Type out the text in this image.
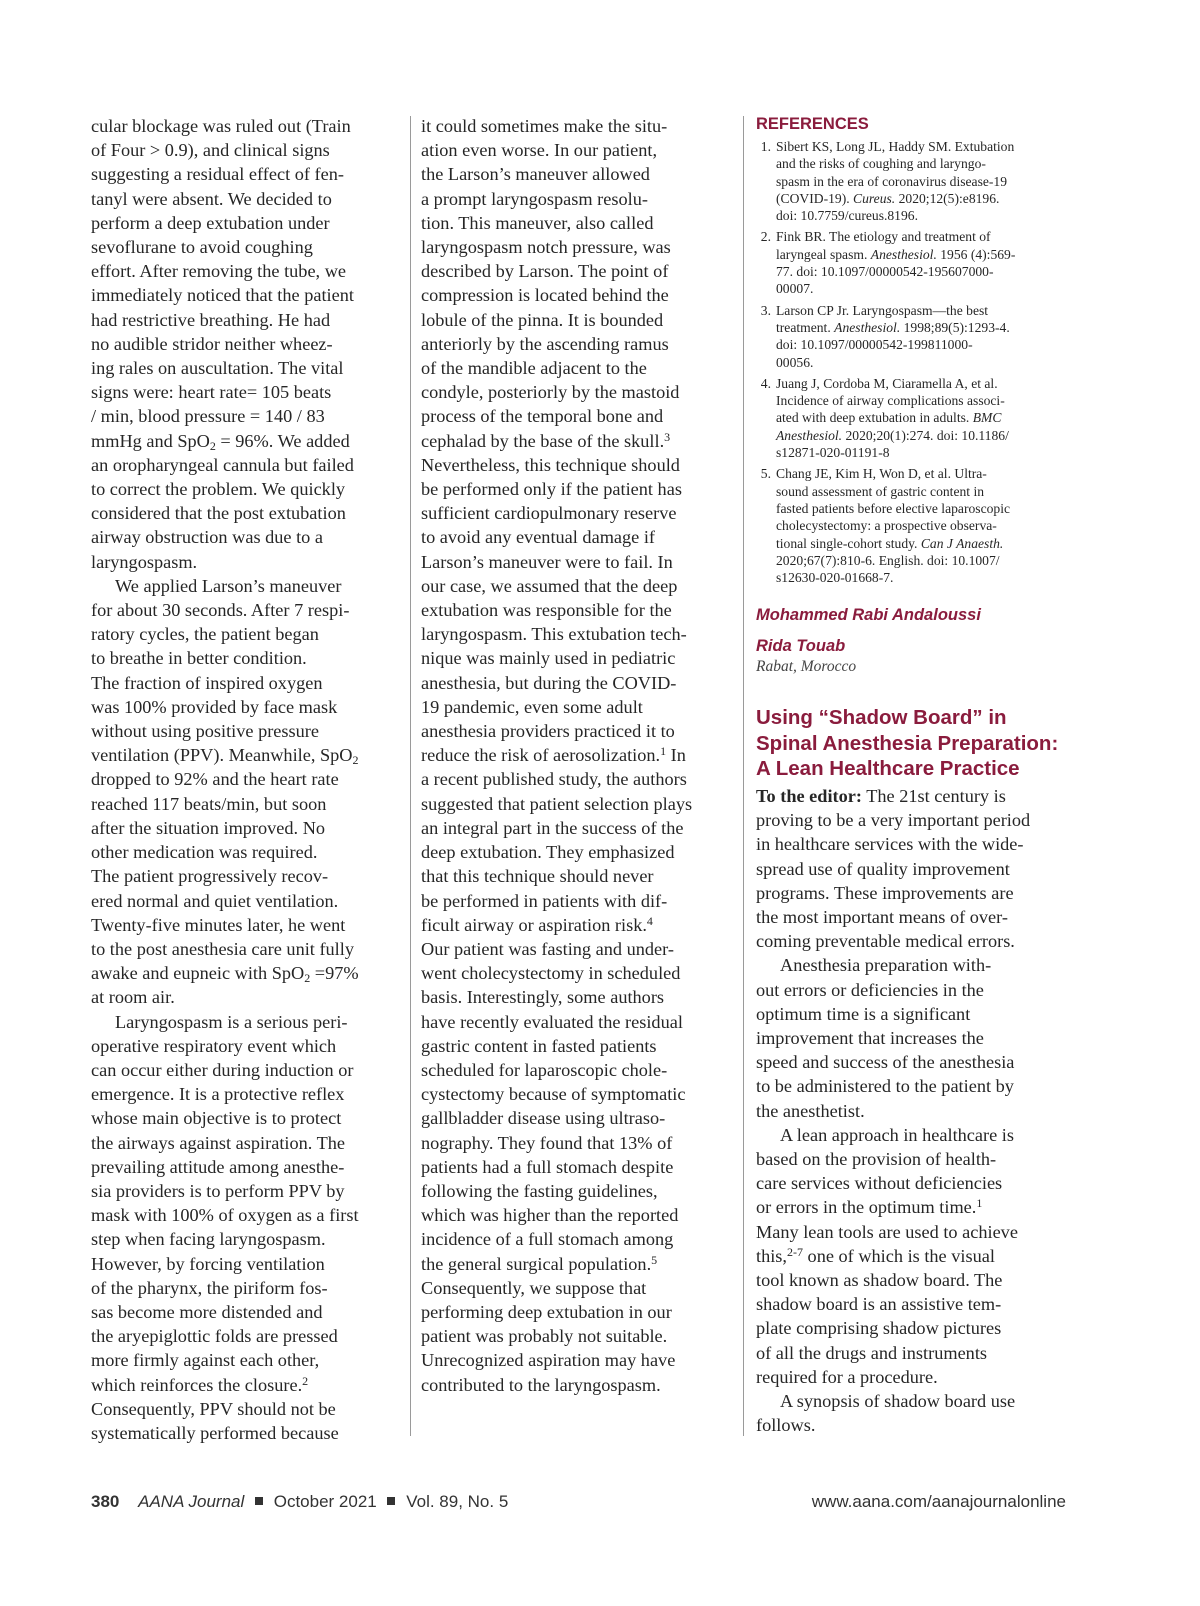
cular blockage was ruled out (Train
of Four > 0.9), and clinical signs
suggesting a residual effect of fen-
tanyl were absent. We decided to
perform a deep extubation under
sevoflurane to avoid coughing
effort. After removing the tube, we
immediately noticed that the patient
had restrictive breathing. He had
no audible stridor neither wheez-
ing rales on auscultation. The vital
signs were: heart rate= 105 beats
/ min, blood pressure = 140 / 83
mmHg and SpO$_2$ = 96%. We added
an oropharyngeal cannula but failed
to correct the problem. We quickly
considered that the post extubation
airway obstruction was due to a
laryngospasm.
We applied Larson’s maneuver
for about 30 seconds. After 7 respi-
ratory cycles, the patient began
to breathe in better condition.
The fraction of inspired oxygen
was 100% provided by face mask
without using positive pressure
ventilation (PPV). Meanwhile, SpO$_2$
dropped to 92% and the heart rate
reached 117 beats/min, but soon
after the situation improved. No
other medication was required.
The patient progressively recov-
ered normal and quiet ventilation.
Twenty-five minutes later, he went
to the post anesthesia care unit fully
awake and eupneic with SpO$_2$ =97%
at room air.
Laryngospasm is a serious peri-
operative respiratory event which
can occur either during induction or
emergence. It is a protective reflex
whose main objective is to protect
the airways against aspiration. The
prevailing attitude among anesthe-
sia providers is to perform PPV by
mask with 100% of oxygen as a first
step when facing laryngospasm.
However, by forcing ventilation
of the pharynx, the piriform fos-
sas become more distended and
the aryepiglottic folds are pressed
more firmly against each other,
which reinforces the closure.$^2$
Consequently, PPV should not be
systematically performed because
it could sometimes make the situ-
ation even worse. In our patient,
the Larson’s maneuver allowed
a prompt laryngospasm resolu-
tion. This maneuver, also called
laryngospasm notch pressure, was
described by Larson. The point of
compression is located behind the
lobule of the pinna. It is bounded
anteriorly by the ascending ramus
of the mandible adjacent to the
condyle, posteriorly by the mastoid
process of the temporal bone and
cephalad by the base of the skull.$^3$
Nevertheless, this technique should
be performed only if the patient has
sufficient cardiopulmonary reserve
to avoid any eventual damage if
Larson’s maneuver were to fail. In
our case, we assumed that the deep
extubation was responsible for the
laryngospasm. This extubation tech-
nique was mainly used in pediatric
anesthesia, but during the COVID-
19 pandemic, even some adult
anesthesia providers practiced it to
reduce the risk of aerosolization.$^1$ In
a recent published study, the authors
suggested that patient selection plays
an integral part in the success of the
deep extubation. They emphasized
that this technique should never
be performed in patients with dif-
ficult airway or aspiration risk.$^4$
Our patient was fasting and under-
went cholecystectomy in scheduled
basis. Interestingly, some authors
have recently evaluated the residual
gastric content in fasted patients
scheduled for laparoscopic chole-
cystectomy because of symptomatic
gallbladder disease using ultraso-
nography. They found that 13% of
patients had a full stomach despite
following the fasting guidelines,
which was higher than the reported
incidence of a full stomach among
the general surgical population.$^5$
Consequently, we suppose that
performing deep extubation in our
patient was probably not suitable.
Unrecognized aspiration may have
contributed to the laryngospasm.
REFERENCES
1. Sibert KS, Long JL, Haddy SM. Extubation
and the risks of coughing and laryngo-
spasm in the era of coronavirus disease-19
(COVID-19). Cureus. 2020;12(5):e8196.
doi: 10.7759/cureus.8196.
2. Fink BR. The etiology and treatment of
laryngeal spasm. Anesthesiol. 1956 (4):569-
77. doi: 10.1097/00000542-195607000-
00007.
3. Larson CP Jr. Laryngospasm—the best
treatment. Anesthesiol. 1998;89(5):1293-4.
doi: 10.1097/00000542-199811000-
00056.
4. Juang J, Cordoba M, Ciaramella A, et al.
Incidence of airway complications associ-
ated with deep extubation in adults. BMC
Anesthesiol. 2020;20(1):274. doi: 10.1186/
s12871-020-01191-8
5. Chang JE, Kim H, Won D, et al. Ultra-
sound assessment of gastric content in
fasted patients before elective laparoscopic
cholecystectomy: a prospective observa-
tional single-cohort study. Can J Anaesth.
2020;67(7):810-6. English. doi: 10.1007/
s12630-020-01668-7.
Mohammed Rabi Andaloussi
Rida Touab
Rabat, Morocco
Using “Shadow Board” in
Spinal Anesthesia Preparation:
A Lean Healthcare Practice
To the editor: The 21st century is
proving to be a very important period
in healthcare services with the wide-
spread use of quality improvement
programs. These improvements are
the most important means of over-
coming preventable medical errors.
Anesthesia preparation with-
out errors or deficiencies in the
optimum time is a significant
improvement that increases the
speed and success of the anesthesia
to be administered to the patient by
the anesthetist.
A lean approach in healthcare is
based on the provision of health-
care services without deficiencies
or errors in the optimum time.$^1$
Many lean tools are used to achieve
this,$^{2-7}$ one of which is the visual
tool known as shadow board. The
shadow board is an assistive tem-
plate comprising shadow pictures
of all the drugs and instruments
required for a procedure.
A synopsis of shadow board use
follows.
380 AANA Journal October 2021 Vol. 89, No. 5	www.aana.com/aanajournalonline
